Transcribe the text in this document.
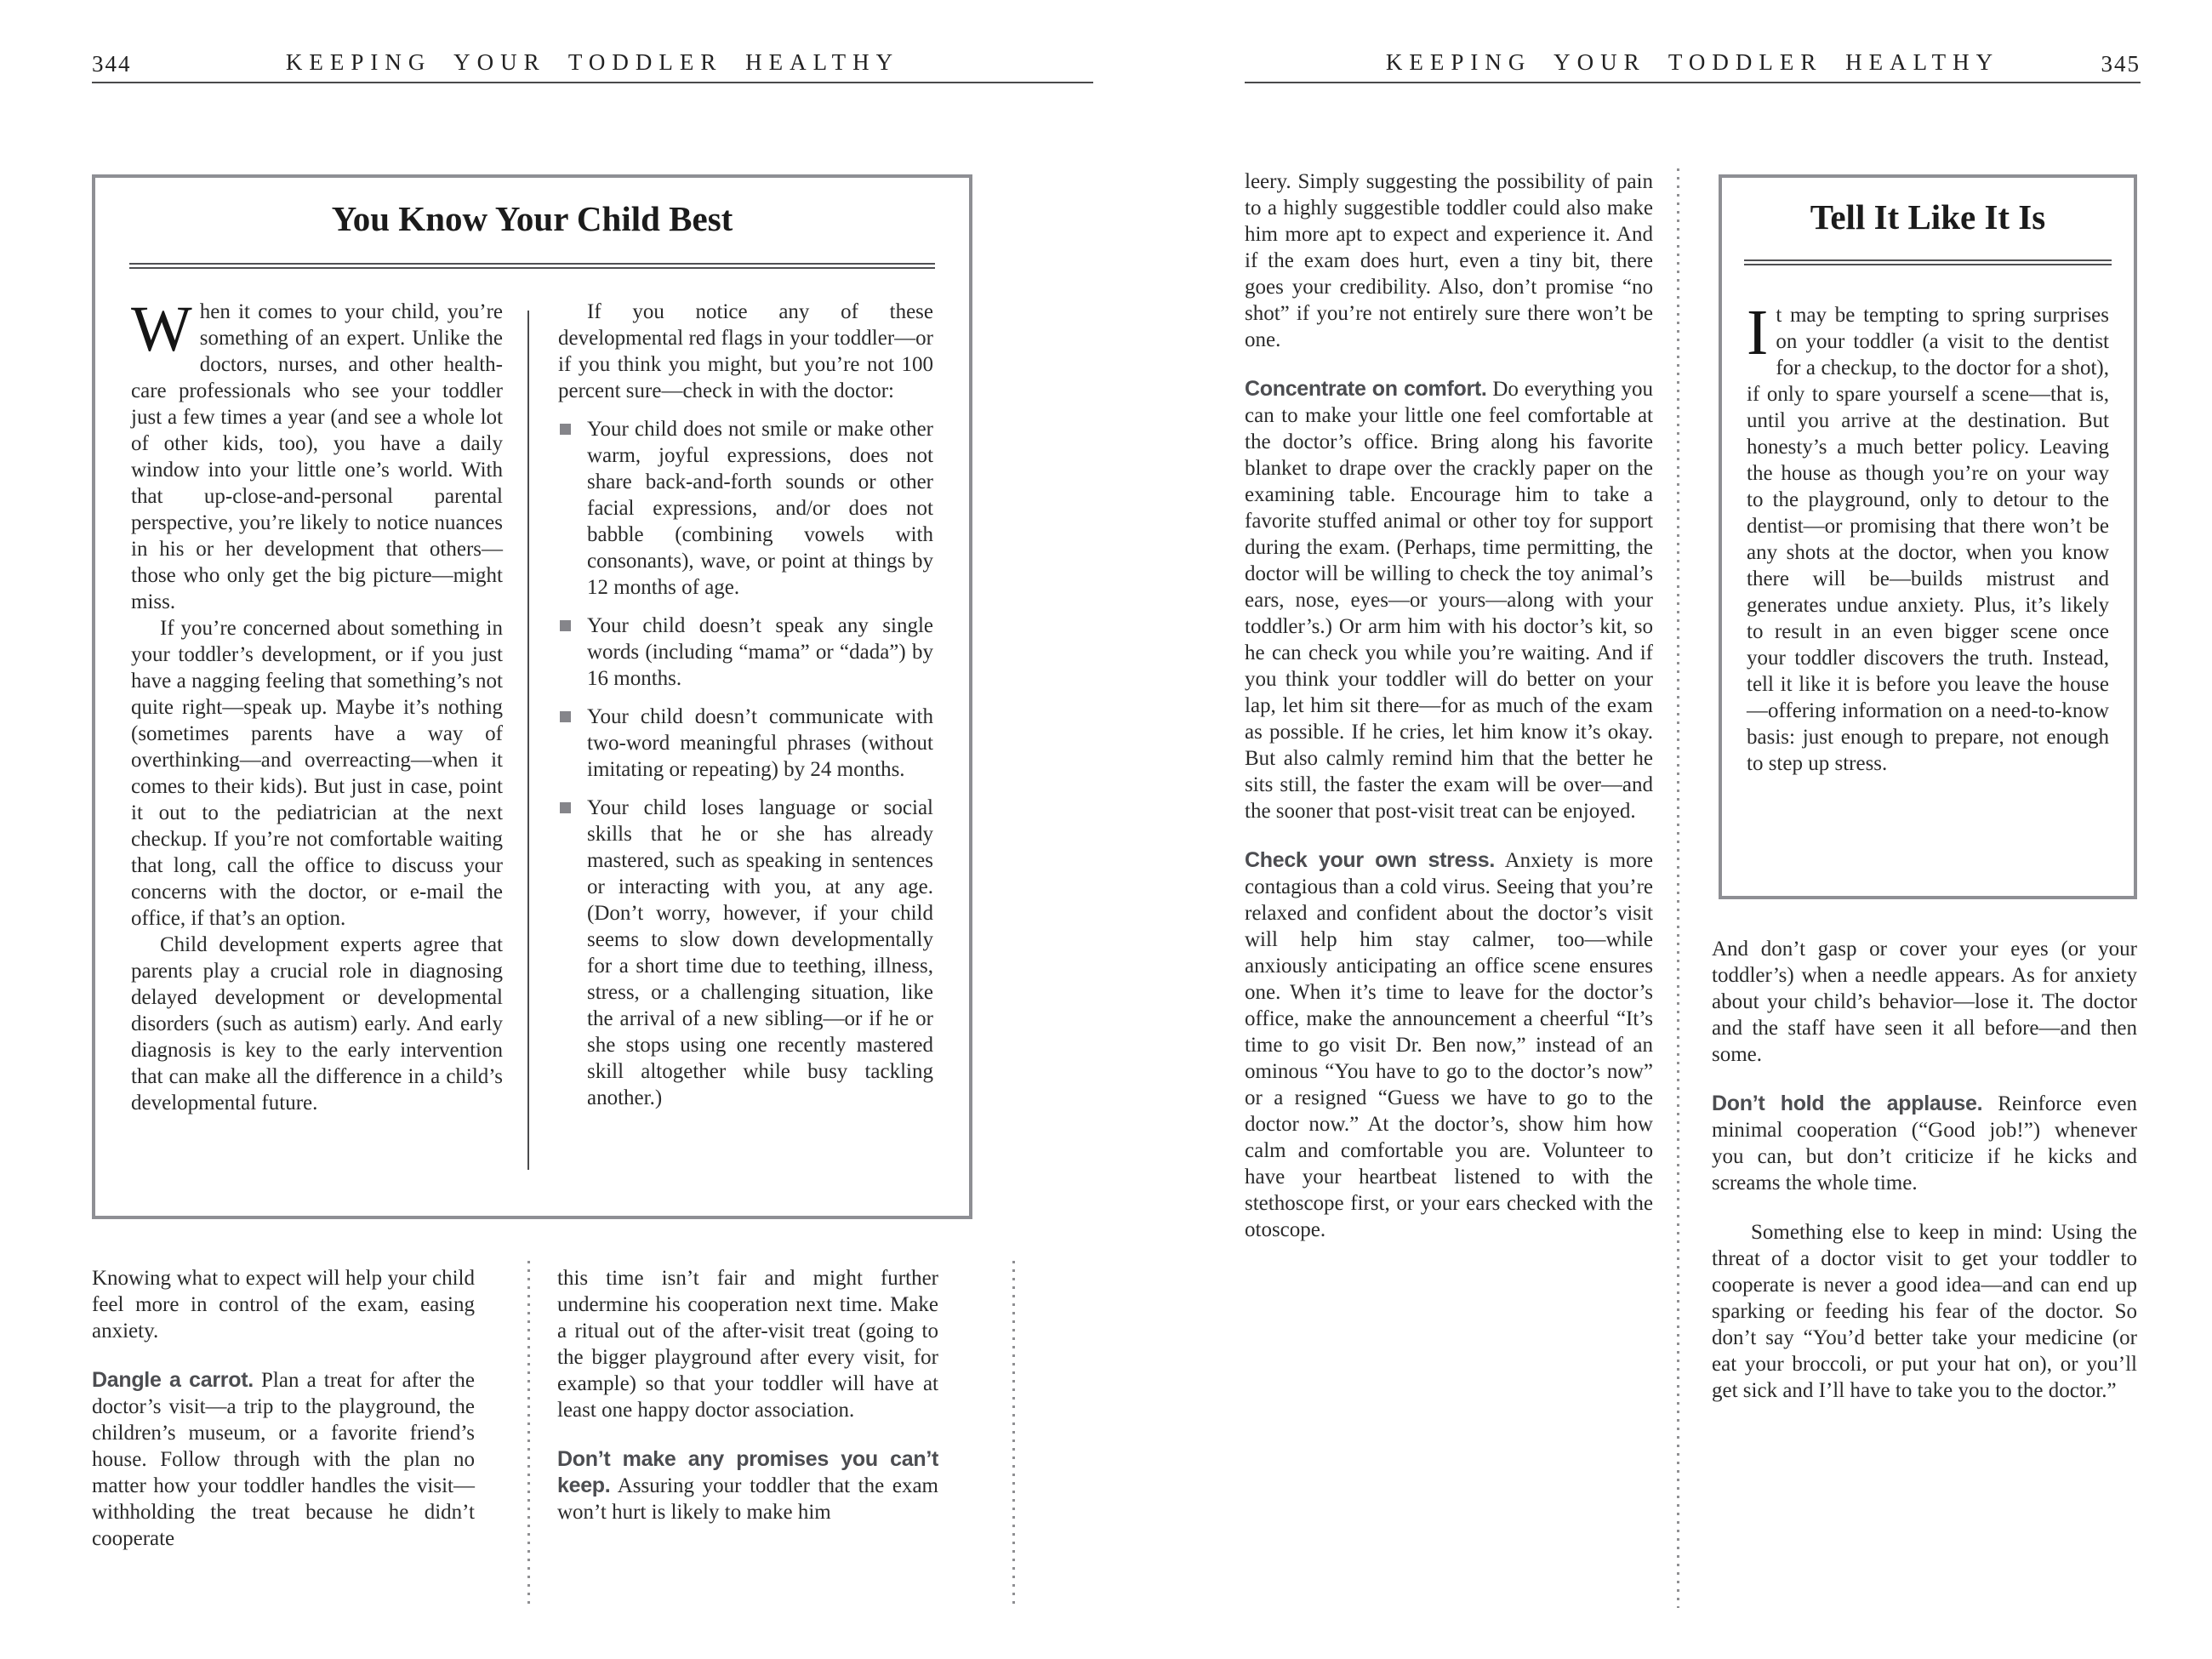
344	KEEPING YOUR TODDLER HEALTHY
You Know Your Child Best

When it comes to your child, you’re something of an expert. Unlike the doctors, nurses, and other health-care professionals who see your toddler just a few times a year (and see a whole lot of other kids, too), you have a daily window into your little one’s world. With that up-close-and-personal parental perspective, you’re likely to notice nuances in his or her development that others—those who only get the big picture—might miss.

If you’re concerned about something in your toddler’s development, or if you just have a nagging feeling that something’s not quite right—speak up. Maybe it’s nothing (sometimes parents have a way of overthinking—and overreacting—when it comes to their kids). But just in case, point it out to the pediatrician at the next checkup. If you’re not comfortable waiting that long, call the office to discuss your concerns with the doctor, or e-mail the office, if that’s an option.

Child development experts agree that parents play a crucial role in diagnosing delayed development or developmental disorders (such as autism) early. And early diagnosis is key to the early intervention that can make all the difference in a child’s developmental future.

If you notice any of these developmental red flags in your toddler—or if you think you might, but you’re not 100 percent sure—check in with the doctor:

Your child does not smile or make other warm, joyful expressions, does not share back-and-forth sounds or other facial expressions, and/or does not babble (combining vowels with consonants), wave, or point at things by 12 months of age.
Your child doesn’t speak any single words (including “mama” or “dada”) by 16 months.
Your child doesn’t communicate with two-word meaningful phrases (without imitating or repeating) by 24 months.
Your child loses language or social skills that he or she has already mastered, such as speaking in sentences or interacting with you, at any age. (Don’t worry, however, if your child seems to slow down developmentally for a short time due to teething, illness, stress, or a challenging situation, like the arrival of a new sibling—or if he or she stops using one recently mastered skill altogether while busy tackling another.)

Knowing what to expect will help your child feel more in control of the exam, easing anxiety.

Dangle a carrot. Plan a treat for after the doctor’s visit—a trip to the playground, the children’s museum, or a favorite friend’s house. Follow through with the plan no matter how your toddler handles the visit—withholding the treat because he didn’t cooperate

this time isn’t fair and might further undermine his cooperation next time. Make a ritual out of the after-visit treat (going to the bigger playground after every visit, for example) so that your toddler will have at least one happy doctor association.

Don’t make any promises you can’t keep. Assuring your toddler that the exam won’t hurt is likely to make him

KEEPING YOUR TODDLER HEALTHY	345

leery. Simply suggesting the possibility of pain to a highly suggestible toddler could also make him more apt to expect and experience it. And if the exam does hurt, even a tiny bit, there goes your credibility. Also, don’t promise “no shot” if you’re not entirely sure there won’t be one.

Concentrate on comfort. Do everything you can to make your little one feel comfortable at the doctor’s office. Bring along his favorite blanket to drape over the crackly paper on the examining table. Encourage him to take a favorite stuffed animal or other toy for support during the exam. (Perhaps, time permitting, the doctor will be willing to check the toy animal’s ears, nose, eyes—or yours—along with your toddler’s.) Or arm him with his doctor’s kit, so he can check you while you’re waiting. And if you think your toddler will do better on your lap, let him sit there—for as much of the exam as possible. If he cries, let him know it’s okay. But also calmly remind him that the better he sits still, the faster the exam will be over—and the sooner that post-visit treat can be enjoyed.

Check your own stress. Anxiety is more contagious than a cold virus. Seeing that you’re relaxed and confident about the doctor’s visit will help him stay calmer, too—while anxiously anticipating an office scene ensures one. When it’s time to leave for the doctor’s office, make the announcement a cheerful “It’s time to go visit Dr. Ben now,” instead of an ominous “You have to go to the doctor’s now” or a resigned “Guess we have to go to the doctor now.” At the doctor’s, show him how calm and comfortable you are. Volunteer to have your heartbeat listened to with the stethoscope first, or your ears checked with the otoscope.

Tell It Like It Is

It may be tempting to spring surprises on your toddler (a visit to the dentist for a checkup, to the doctor for a shot), if only to spare yourself a scene—that is, until you arrive at the destination. But honesty’s a much better policy. Leaving the house as though you’re on your way to the playground, only to detour to the dentist—or promising that there won’t be any shots at the doctor, when you know there will be—builds mistrust and generates undue anxiety. Plus, it’s likely to result in an even bigger scene once your toddler discovers the truth. Instead, tell it like it is before you leave the house—offering information on a need-to-know basis: just enough to prepare, not enough to step up stress.

And don’t gasp or cover your eyes (or your toddler’s) when a needle appears. As for anxiety about your child’s behavior—lose it. The doctor and the staff have seen it all before—and then some.

Don’t hold the applause. Reinforce even minimal cooperation (“Good job!”) whenever you can, but don’t criticize if he kicks and screams the whole time.

Something else to keep in mind: Using the threat of a doctor visit to get your toddler to cooperate is never a good idea—and can end up sparking or feeding his fear of the doctor. So don’t say “You’d better take your medicine (or eat your broccoli, or put your hat on), or you’ll get sick and I’ll have to take you to the doctor.”
